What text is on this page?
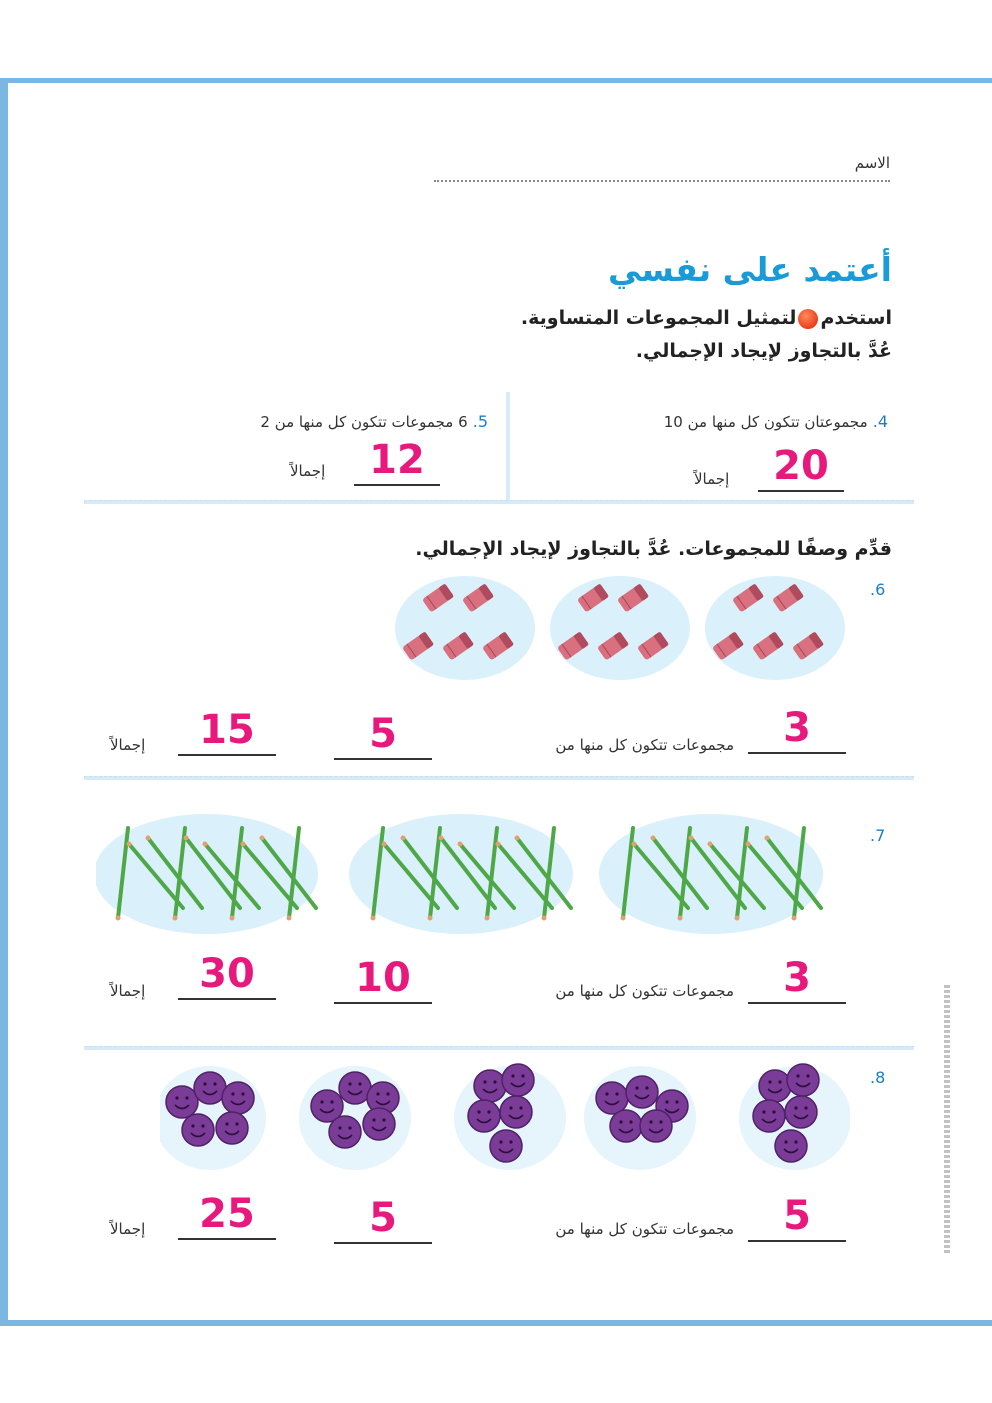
الاسم
أعتمد على نفسي
استخدملتمثيل المجموعات المتساوية.
عُدَّ بالتجاوز لإيجاد الإجمالي.
4. مجموعتان تتكون كل منها من 10
20
إجمالاً
5. 6 مجموعات تتكون كل منها من 2
12
إجمالاً
قدِّم وصفًا للمجموعات. عُدَّ بالتجاوز لإيجاد الإجمالي.
.6
3
مجموعات تتكون كل منها من
5
15
إجمالاً
.7
3
مجموعات تتكون كل منها من
10
30
إجمالاً
.8
5
مجموعات تتكون كل منها من
5
25
إجمالاً
